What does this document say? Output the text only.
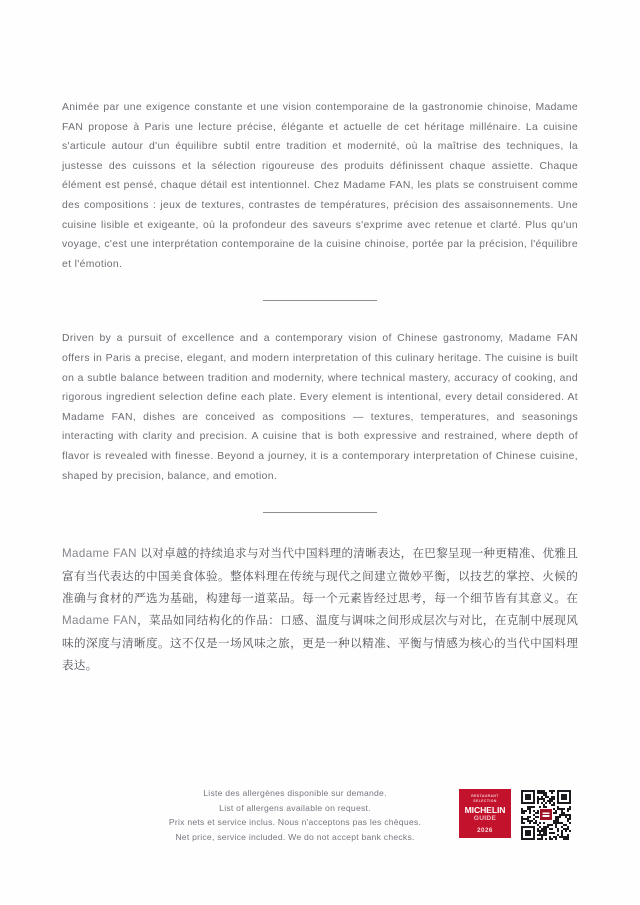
Animée par une exigence constante et une vision contemporaine de la gastronomie chinoise, Madame FAN propose à Paris une lecture précise, élégante et actuelle de cet héritage millénaire. La cuisine s'articule autour d'un équilibre subtil entre tradition et modernité, où la maîtrise des techniques, la justesse des cuissons et la sélection rigoureuse des produits définissent chaque assiette. Chaque élément est pensé, chaque détail est intentionnel. Chez Madame FAN, les plats se construisent comme des compositions : jeux de textures, contrastes de températures, précision des assaisonnements. Une cuisine lisible et exigeante, où la profondeur des saveurs s'exprime avec retenue et clarté. Plus qu'un voyage, c'est une interprétation contemporaine de la cuisine chinoise, portée par la précision, l'équilibre et l'émotion.

Driven by a pursuit of excellence and a contemporary vision of Chinese gastronomy, Madame FAN offers in Paris a precise, elegant, and modern interpretation of this culinary heritage. The cuisine is built on a subtle balance between tradition and modernity, where technical mastery, accuracy of cooking, and rigorous ingredient selection define each plate. Every element is intentional, every detail considered. At Madame FAN, dishes are conceived as compositions — textures, temperatures, and seasonings interacting with clarity and precision. A cuisine that is both expressive and restrained, where depth of flavor is revealed with finesse. Beyond a journey, it is a contemporary interpretation of Chinese cuisine, shaped by precision, balance, and emotion.

Madame FAN 以对卓越的持续追求与对当代中国料理的清晰表达，在巴黎呈现一种更精准、优雅且富有当代表达的中国美食体验。整体料理在传统与现代之间建立微妙平衡，以技艺的掌控、火候的准确与食材的严选为基础，构建每一道菜品。每一个元素皆经过思考，每一个细节皆有其意义。在 Madame FAN，菜品如同结构化的作品：口感、温度与调味之间形成层次与对比，在克制中展现风味的深度与清晰度。这不仅是一场风味之旅，更是一种以精准、平衡与情感为核心的当代中国料理表达。

Liste des allergènes disponible sur demande.
List of allergens available on request.
Prix nets et service inclus. Nous n'acceptons pas les chèques.
Net price, service included. We do not accept bank checks.
RESTAURANT
SELECTION
MICHELIN
GUIDE
2026
